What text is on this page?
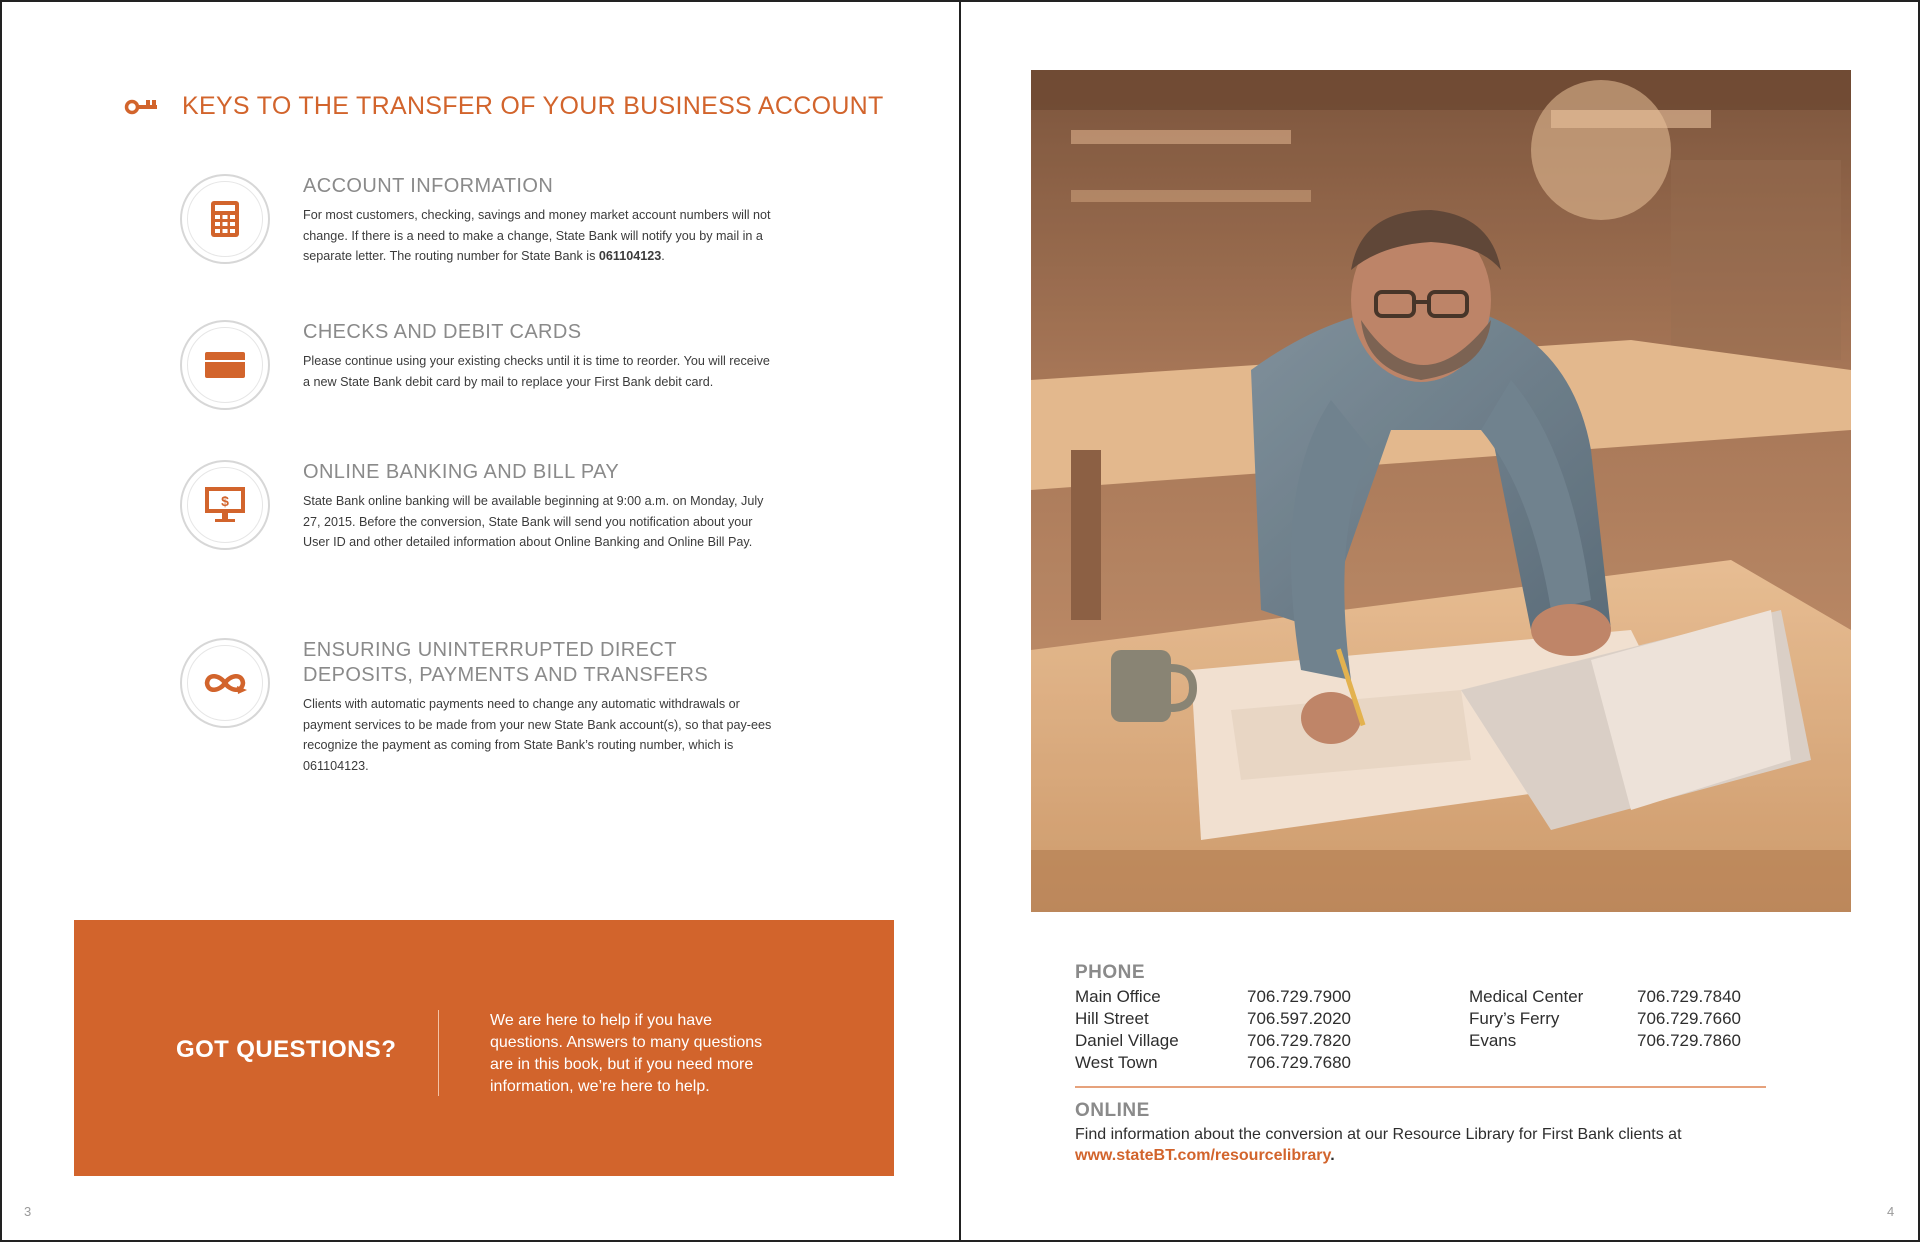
KEYS TO THE TRANSFER OF YOUR BUSINESS ACCOUNT
ACCOUNT INFORMATION

For most customers, checking, savings and money market account numbers will not change. If there is a need to make a change, State Bank will notify you by mail in a separate letter. The routing number for State Bank is 061104123.

CHECKS AND DEBIT CARDS

Please continue using your existing checks until it is time to reorder. You will receive a new State Bank debit card by mail to replace your First Bank debit card.

$
ONLINE BANKING AND BILL PAY

State Bank online banking will be available beginning at 9:00 a.m. on Monday, July 27, 2015. Before the conversion, State Bank will send you notification about your User ID and other detailed information about Online Banking and Online Bill Pay.

ENSURING UNINTERRUPTED DIRECT
DEPOSITS, PAYMENTS AND TRANSFERS

Clients with automatic payments need to change any automatic withdrawals or payment services to be made from your new State Bank account(s), so that pay-ees recognize the payment as coming from State Bank’s routing number, which is 061104123.

GOT QUESTIONS?
We are here to help if you have questions. Answers to many questions are in this book, but if you need more information, we’re here to help.
3
PHONE
Main Office	706.729.7900
Hill Street	706.597.2020
Daniel Village	706.729.7820
West Town	706.729.7680
Medical Center	706.729.7840
Fury’s Ferry	706.729.7660
Evans	706.729.7860
ONLINE

Find information about the conversion at our Resource Library for First Bank clients at
www.stateBT.com/resourcelibrary.

4
